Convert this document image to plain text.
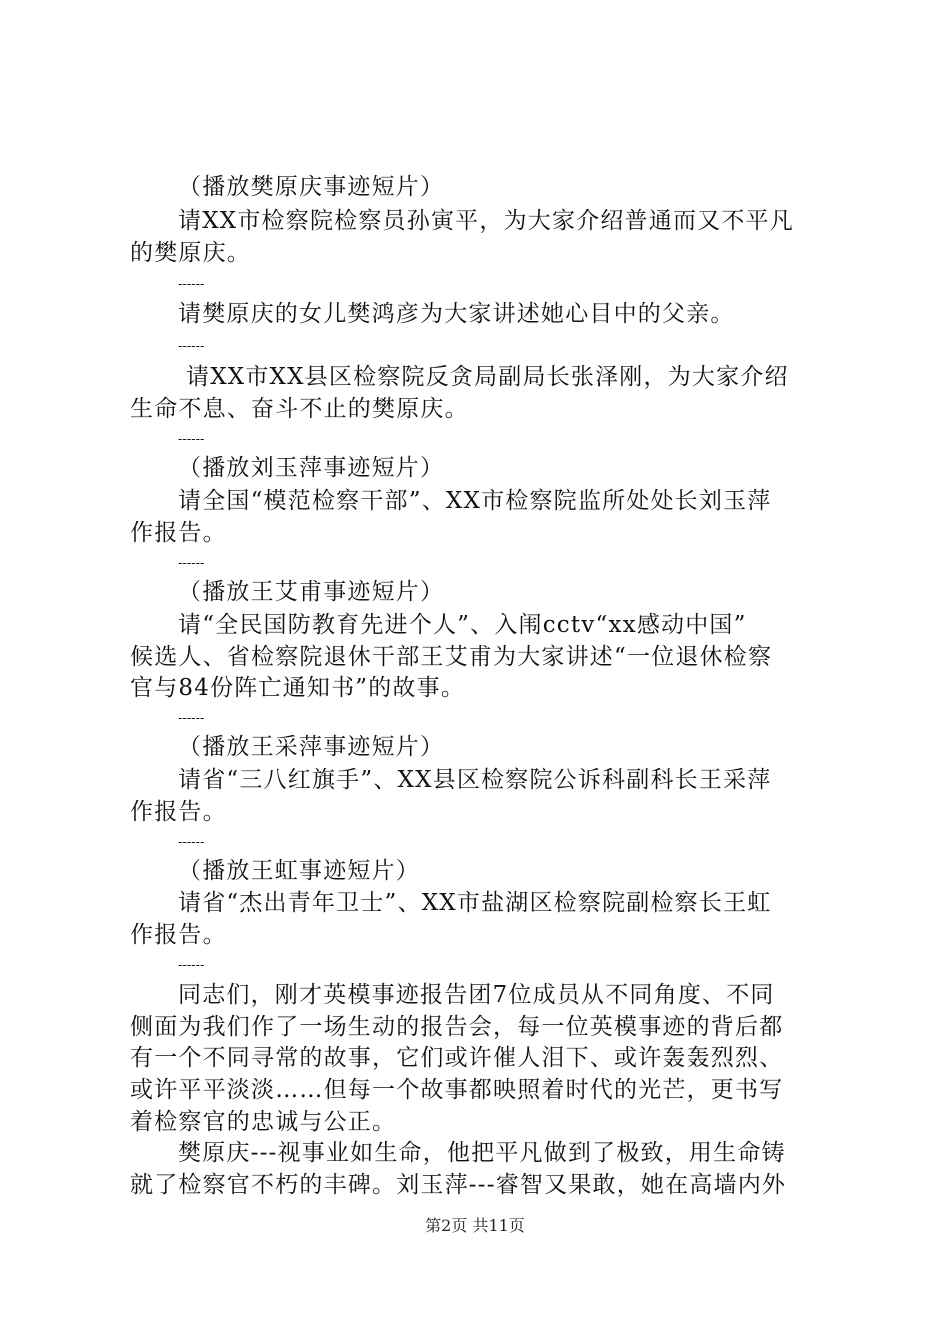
（播放樊原庆事迹短片）
请XX市检察院检察员孙寅平，为大家介绍普通而又不平凡
的樊原庆。
------
请樊原庆的女儿樊鸿彦为大家讲述她心目中的父亲。
------
请XX市XX县区检察院反贪局副局长张泽刚，为大家介绍
生命不息、奋斗不止的樊原庆。
------
（播放刘玉萍事迹短片）
请全国“模范检察干部”、XX市检察院监所处处长刘玉萍
作报告。
------
（播放王艾甫事迹短片）
请“全民国防教育先进个人”、入闱cctv“xx感动中国”
候选人、省检察院退休干部王艾甫为大家讲述“一位退休检察
官与84份阵亡通知书”的故事。
------
（播放王采萍事迹短片）
请省“三八红旗手”、XX县区检察院公诉科副科长王采萍
作报告。
------
（播放王虹事迹短片）
请省“杰出青年卫士”、XX市盐湖区检察院副检察长王虹
作报告。
------
同志们，刚才英模事迹报告团7位成员从不同角度、不同
侧面为我们作了一场生动的报告会，每一位英模事迹的背后都
有一个不同寻常的故事，它们或许催人泪下、或许轰轰烈烈、
或许平平淡淡……但每一个故事都映照着时代的光芒，更书写
着检察官的忠诚与公正。
樊原庆---视事业如生命，他把平凡做到了极致，用生命铸
就了检察官不朽的丰碑。刘玉萍---睿智又果敢，她在高墙内外
第2页 共11页
